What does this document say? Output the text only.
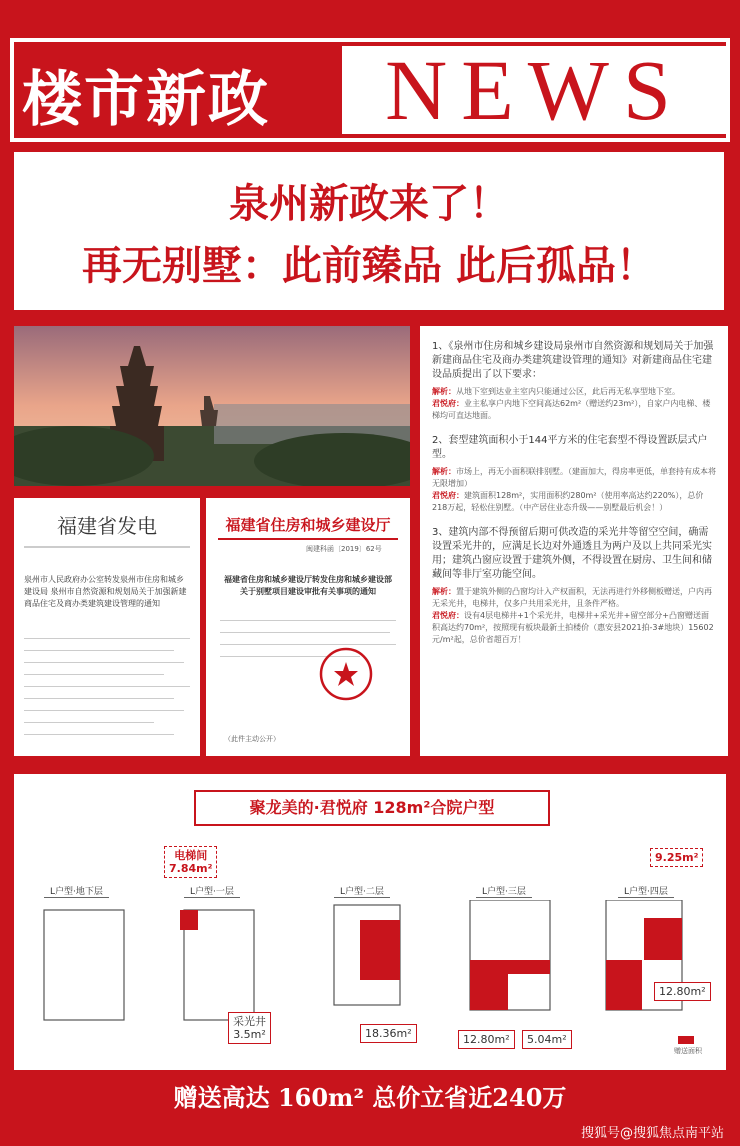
楼市新政	NEWS
泉州新政来了！
再无别墅：此前臻品 此后孤品！
福建省发电
泉州市人民政府办公室转发泉州市住房和城乡建设局 泉州市自然资源和规划局关于加强新建商品住宅及商办类建筑建设管理的通知
福建省住房和城乡建设厅
闽建科函〔2019〕62号
福建省住房和城乡建设厅转发住房和城乡建设部关于别墅项目建设审批有关事项的通知
（此件主动公开）

1、《泉州市住房和城乡建设局泉州市自然资源和规划局关于加强新建商品住宅及商办类建筑建设管理的通知》对新建商品住宅建设品质提出了以下要求：

解析：从地下室到达业主室内只能通过公区，此后再无私享型地下室。
君悦府：业主私享户内地下空间高达62m²（赠送约23m²），自家户内电梯、楼梯均可直达地面。

2、套型建筑面积小于144平方米的住宅套型不得设置跃层式户型。

解析：市场上，再无小面积联排别墅。（建面加大，得房率更低，单套持有成本将无限增加）
君悦府：建筑面积128m²，实用面积约280m²（使用率高达约220%），总价218万起，轻松住别墅。（中产居住业态升级——别墅最后机会！）

3、建筑内部不得预留后期可供改造的采光井等留空空间，确需设置采光井的，应满足长边对外通透且为两户及以上共同采光实用；建筑凸窗应设置于建筑外侧，不得设置在厨房、卫生间和储藏间等非厅室功能空间。

解析：置于建筑外侧的凸窗均计入产权面积，无法再进行外移侧板赠送，户内再无采光井，电梯井，仅多户共用采光井，且条件严格。
君悦府：设有4层电梯井+1个采光井，电梯井+采光井+留空部分+凸窗赠送面积高达约70m²，按照现有板块最新土拍楼价（惠安县2021拍-3#地块）15602元/m²起，总价省超百万！

聚龙美的·君悦府 128m²合院户型
L户型·地下层	L户型·一层	L户型·二层	L户型·三层	L户型·四层
电梯间
7.84m²
采光井
3.5m²	18.36m²	12.80m²	5.04m²
9.25m²
12.80m²
赠送面积
赠送高达 160m² 总价立省近240万
搜狐号@搜狐焦点南平站
